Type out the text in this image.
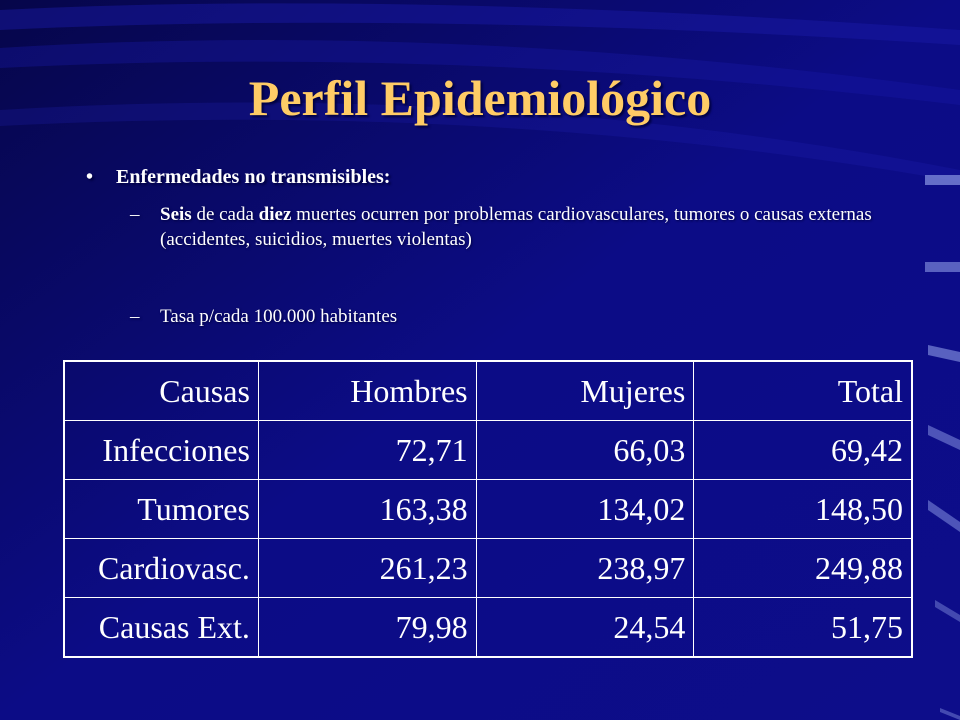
Perfil Epidemiológico
• Enfermedades no transmisibles:
– Seis de cada diez muertes ocurren por problemas cardiovasculares, tumores o causas externas (accidentes, suicidios, muertes violentas)
– Tasa p/cada 100.000 habitantes
Causas	Hombres	Mujeres	Total
Infecciones	72,71	66,03	69,42
Tumores	163,38	134,02	148,50
Cardiovasc.	261,23	238,97	249,88
Causas Ext.	79,98	24,54	51,75
